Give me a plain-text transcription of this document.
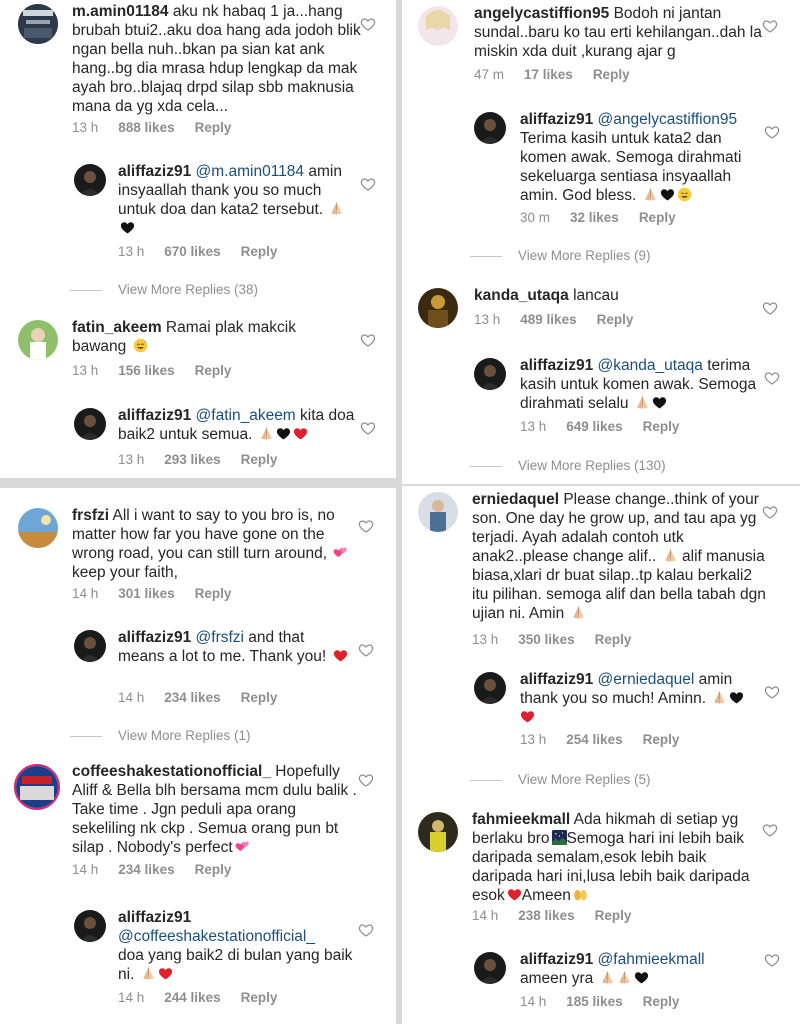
m.amin01184 aku nk habaq 1 ja...hang brubah btui2..aku doa hang ada jodoh blik ngan bella nuh..bkan pa sian kat ank hang..bg dia mrasa hdup lengkap da mak ayah bro..blajaq drpd silap sbb maknusia mana da yg xda cela...
13 h 888 likes Reply
aliffaziz91 @m.amin01184 amin insyaallah thank you so much untuk doa dan kata2 tersebut.
13 h 670 likes Reply
View More Replies (38)
fatin_akeem Ramai plak makcik bawang
13 h 156 likes Reply
aliffaziz91 @fatin_akeem kita doa baik2 untuk semua.
13 h 293 likes Reply
angelycastiffion95 Bodoh ni jantan sundal..baru ko tau erti kehilangan..dah la miskin xda duit ,kurang ajar g
47 m 17 likes Reply
aliffaziz91 @angelycastiffion95 Terima kasih untuk kata2 dan komen awak. Semoga dirahmati sekeluarga sentiasa insyaallah amin. God bless.
30 m 32 likes Reply
View More Replies (9)
kanda_utaqa lancau
13 h 489 likes Reply
aliffaziz91 @kanda_utaqa terima kasih untuk komen awak. Semoga dirahmati selalu
13 h 649 likes Reply
View More Replies (130)
frsfzi All i want to say to you bro is, no matter how far you have gone on the wrong road, you can still turn around, keep your faith,
14 h 301 likes Reply
aliffaziz91 @frsfzi and that means a lot to me. Thank you!
14 h 234 likes Reply
View More Replies (1)
coffeeshakestationofficial_ Hopefully Aliff & Bella blh bersama mcm dulu balik . Take time . Jgn peduli apa orang sekeliling nk ckp . Semua orang pun bt silap . Nobody's perfect
14 h 234 likes Reply
aliffaziz91
@coffeeshakestationofficial_
doa yang baik2 di bulan yang baik ni.
14 h 244 likes Reply
erniedaquel Please change..think of your son. One day he grow up, and tau apa yg terjadi. Ayah adalah contoh utk anak2..please change alif..  alif manusia biasa,xlari dr buat silap..tp kalau berkali2 itu pilihan. semoga alif dan bella tabah dgn ujian ni. Amin
13 h 350 likes Reply
aliffaziz91 @erniedaquel amin thank you so much! Aminn.

13 h 254 likes Reply
View More Replies (5)
fahmieekmall Ada hikmah di setiap yg berlaku bro Semoga hari ini lebih baik daripada semalam,esok lebih baik daripada hari ini,lusa lebih baik daripada esok Ameen
14 h 238 likes Reply
aliffaziz91 @fahmieekmall
ameen yra
14 h 185 likes Reply
